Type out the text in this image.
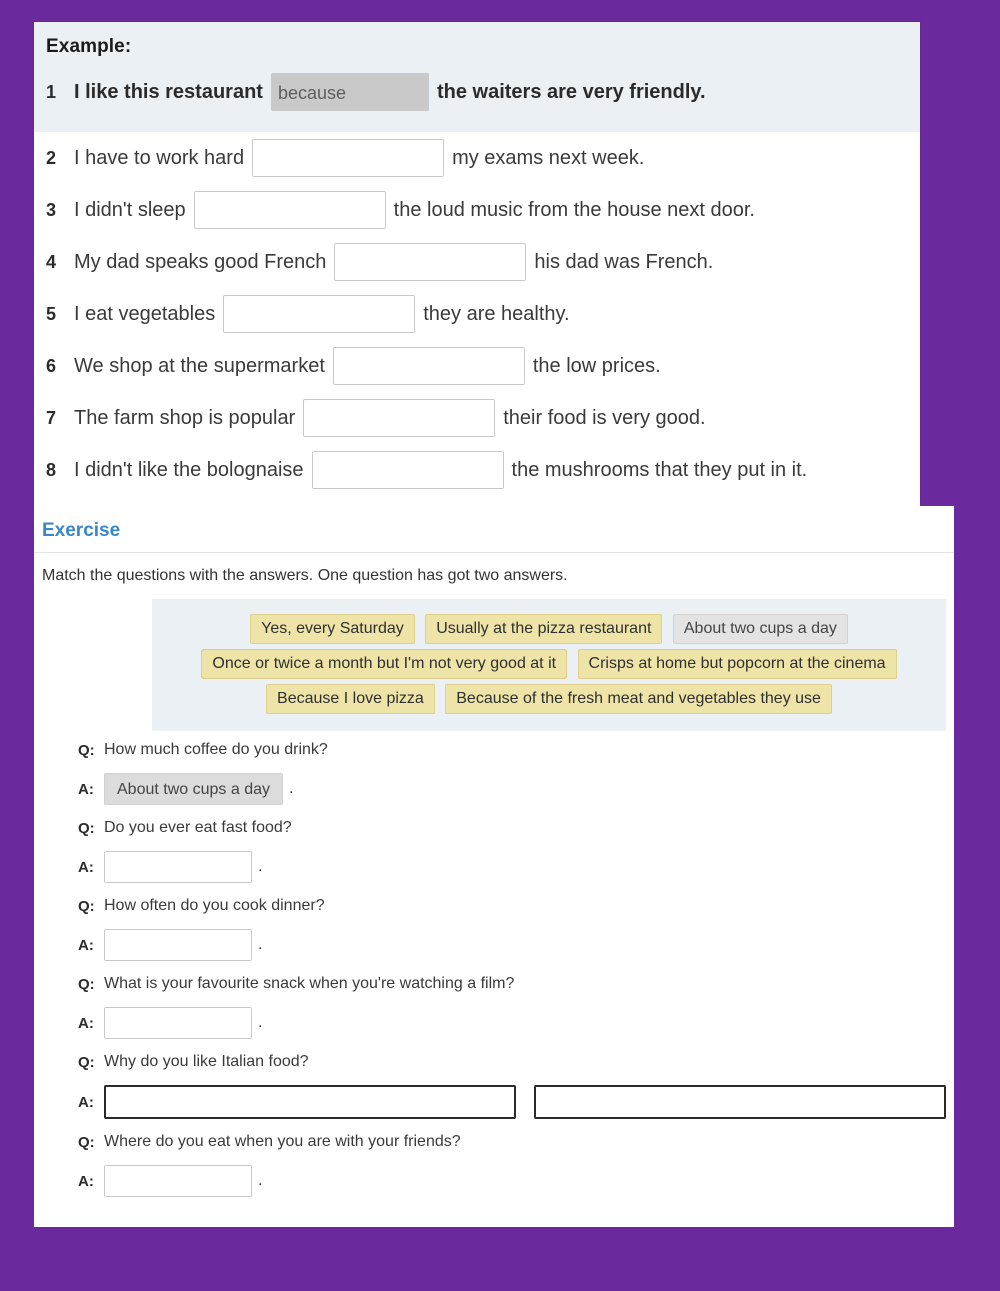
Example:
1 I like this restaurant because	the waiters are very friendly.
2 I have to work hard	my exams next week.
3 I didn't sleep	the loud music from the house next door.
4 My dad speaks good French	his dad was French.
5 I eat vegetables	they are healthy.
6 We shop at the supermarket	the low prices.
7 The farm shop is popular	their food is very good.
8 I didn't like the bolognaise	the mushrooms that they put in it.
Exercise
Match the questions with the answers. One question has got two answers.
Yes, every Saturday Usually at the pizza restaurant About two cups a day
Once or twice a month but I'm not very good at it Crisps at home but popcorn at the cinema
Because I love pizza Because of the fresh meat and vegetables they use
Q: How much coffee do you drink?
A:	About two cups a day	.
Q: Do you ever eat fast food?
A:	.
Q: How often do you cook dinner?
A:	.
Q: What is your favourite snack when you're watching a film?
A:	.
Q: Why do you like Italian food?
A:
Q: Where do you eat when you are with your friends?
A:	.
